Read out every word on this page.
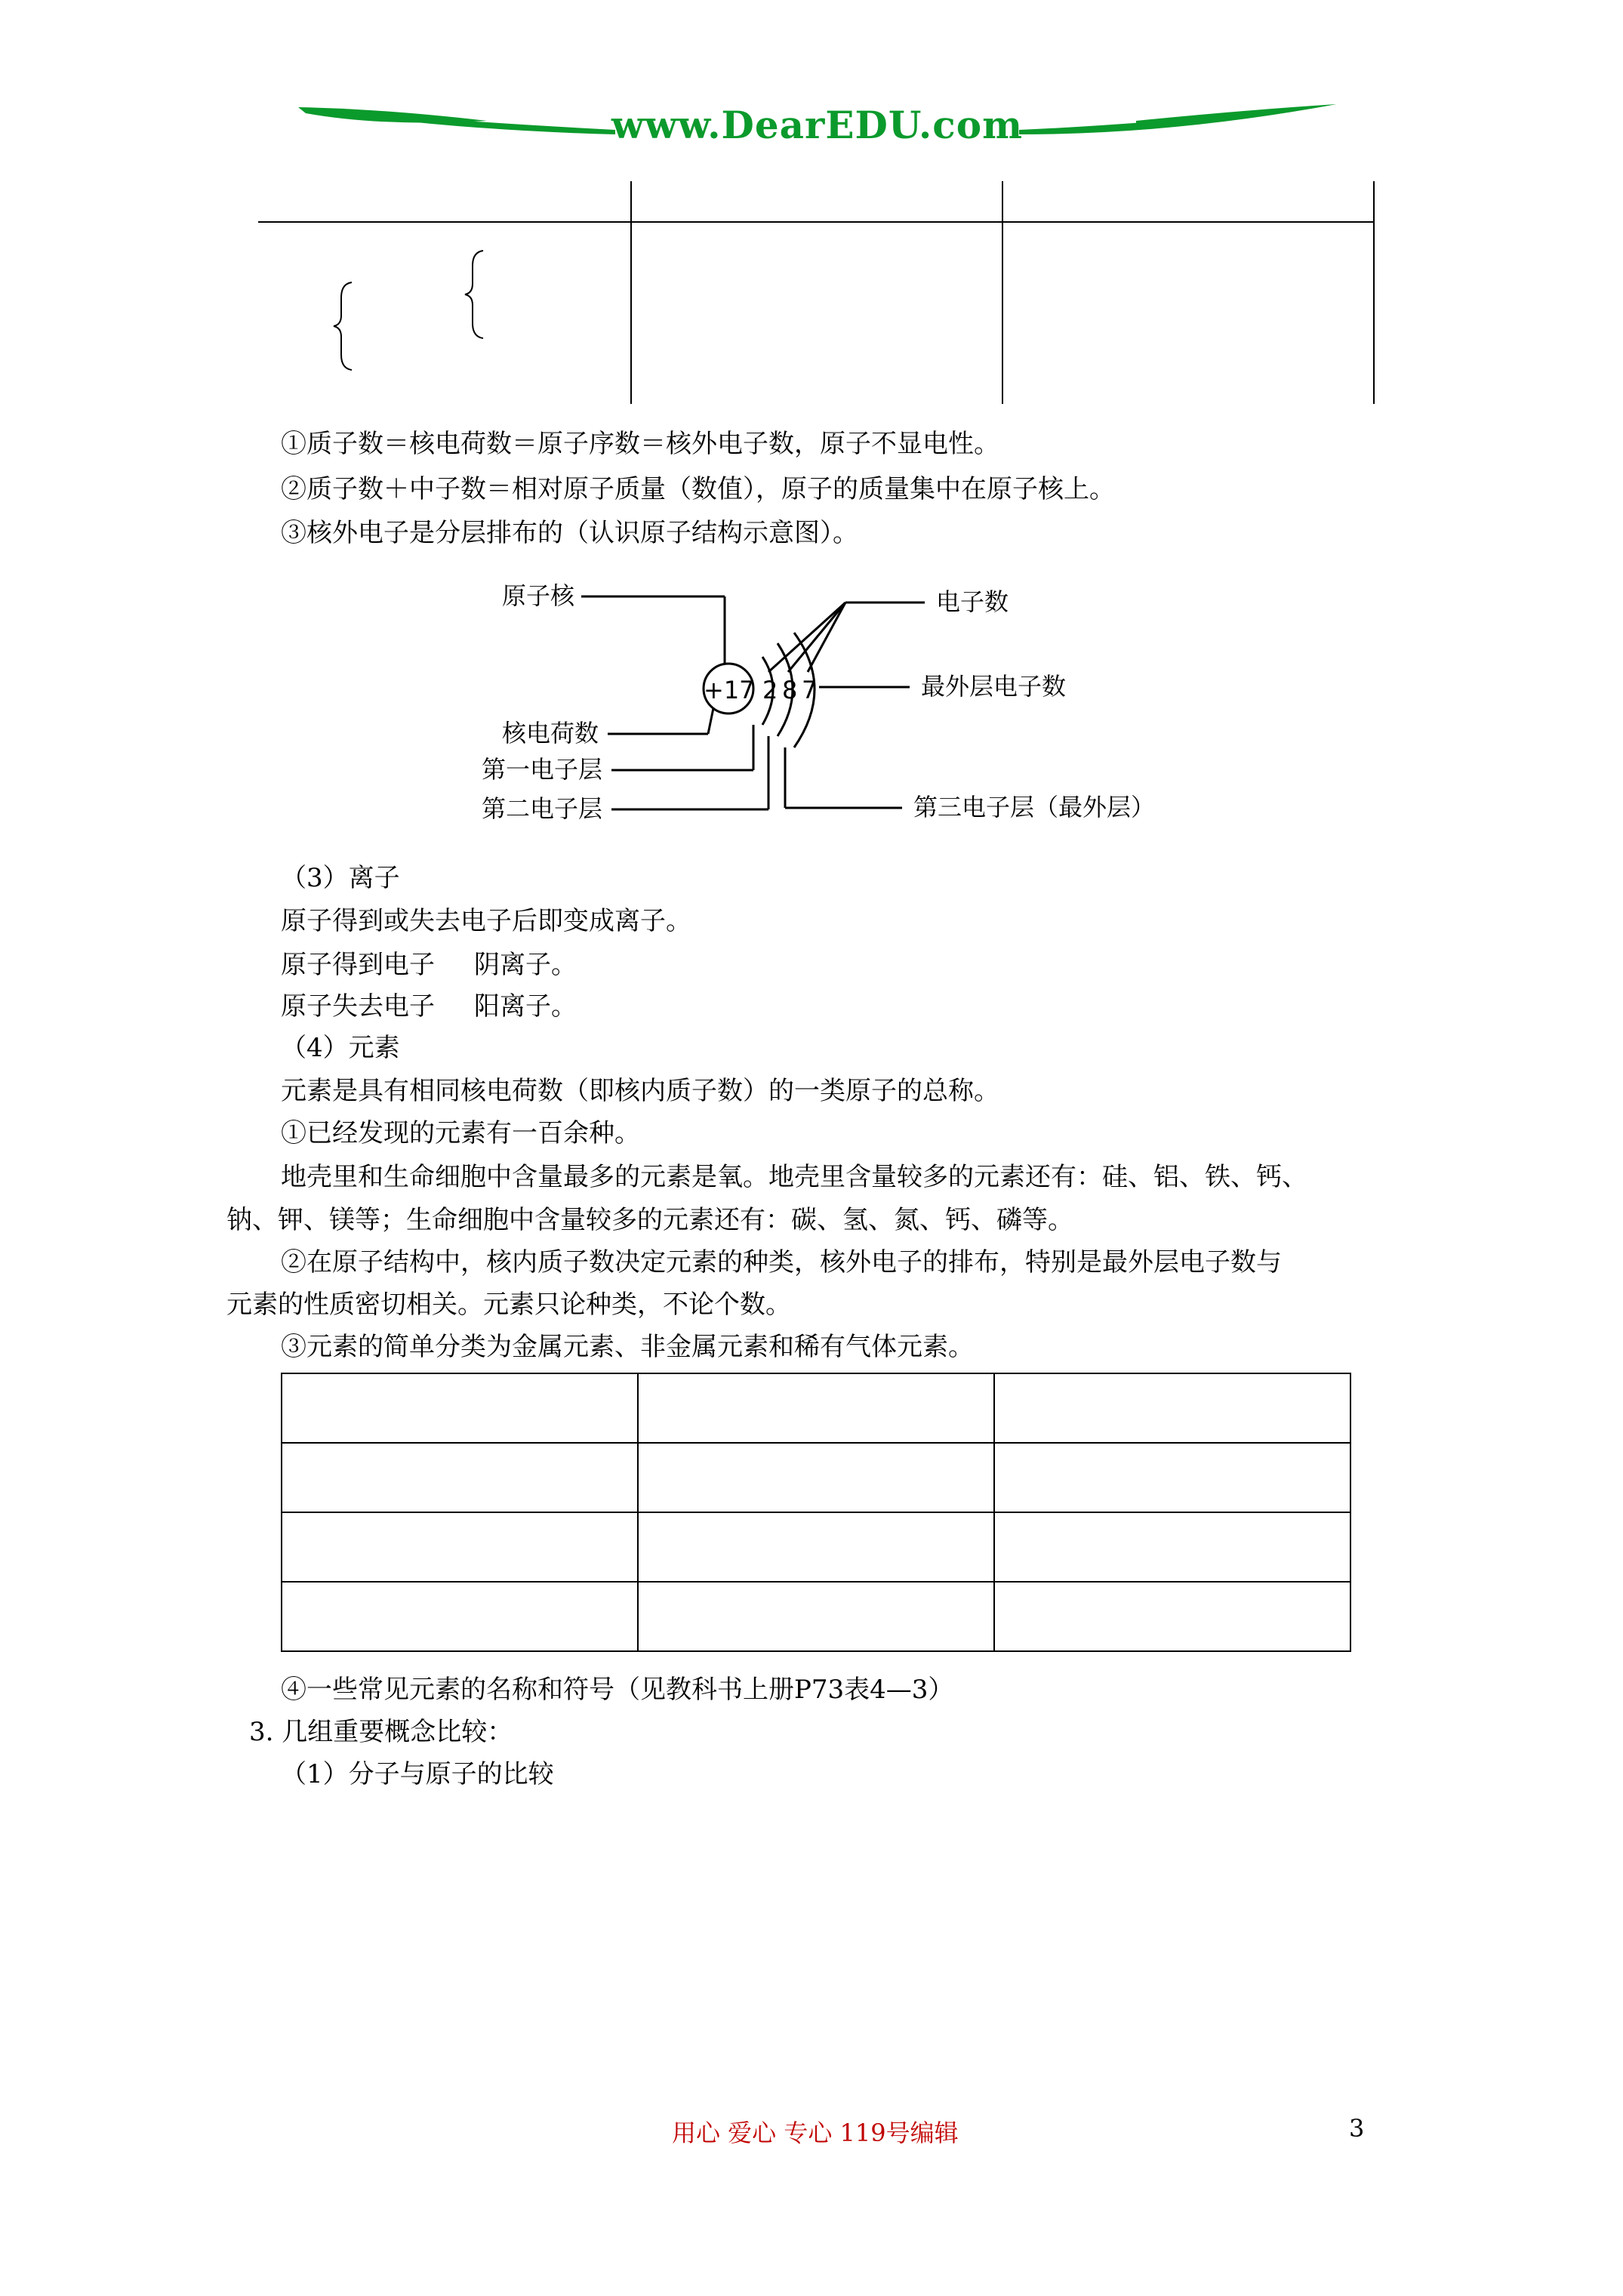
www.DearEDU.com
①质子数＝核电荷数＝原子序数＝核外电子数，原子不显电性。
②质子数＋中子数＝相对原子质量（数值），原子的质量集中在原子核上。
③核外电子是分层排布的（认识原子结构示意图）。
+17 2 8 7
原子核
核电荷数
第一电子层
第二电子层
电子数
最外层电子数
第三电子层（最外层）
（3）离子
原子得到或失去电子后即变成离子。
原子得到电子 阴离子。
原子失去电子 阳离子。
（4）元素
元素是具有相同核电荷数（即核内质子数）的一类原子的总称。
①已经发现的元素有一百余种。
地壳里和生命细胞中含量最多的元素是氧。地壳里含量较多的元素还有：硅、铝、铁、钙、
钠、钾、镁等；生命细胞中含量较多的元素还有：碳、氢、氮、钙、磷等。
②在原子结构中，核内质子数决定元素的种类，核外电子的排布，特别是最外层电子数与
元素的性质密切相关。元素只论种类，不论个数。
③元素的简单分类为金属元素、非金属元素和稀有气体元素。

④一些常见元素的名称和符号（见教科书上册P73表4—3）
3. 几组重要概念比较：
（1）分子与原子的比较
用心 爱心 专心 119号编辑	3
